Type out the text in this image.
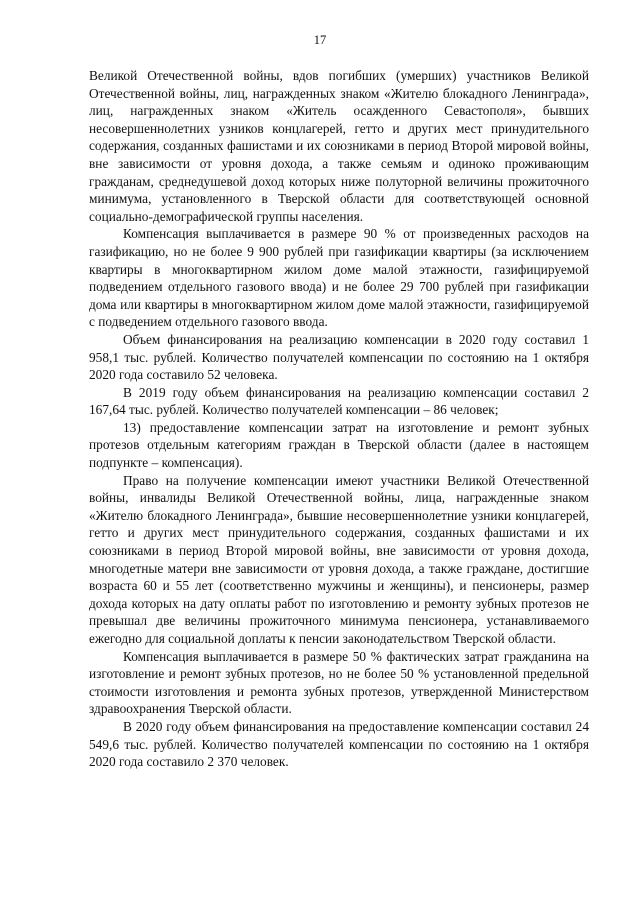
17

Великой Отечественной войны, вдов погибших (умерших) участников Великой Отечественной войны, лиц, награжденных знаком «Жителю блокадного Ленинграда», лиц, награжденных знаком «Житель осажденного Севастополя», бывших несовершеннолетних узников концлагерей, гетто и других мест принудительного содержания, созданных фашистами и их союзниками в период Второй мировой войны, вне зависимости от уровня дохода, а также семьям и одиноко проживающим гражданам, среднедушевой доход которых ниже полуторной величины прожиточного минимума, установленного в Тверской области для соответствующей основной социально-демографической группы населения.

Компенсация выплачивается в размере 90 % от произведенных расходов на газификацию, но не более 9 900 рублей при газификации квартиры (за исключением квартиры в многоквартирном жилом доме малой этажности, газифицируемой подведением отдельного газового ввода) и не более 29 700 рублей при газификации дома или квартиры в многоквартирном жилом доме малой этажности, газифицируемой с подведением отдельного газового ввода.

Объем финансирования на реализацию компенсации в 2020 году составил 1 958,1 тыс. рублей. Количество получателей компенсации по состоянию на 1 октября 2020 года составило 52 человека.

В 2019 году объем финансирования на реализацию компенсации составил 2 167,64 тыс. рублей. Количество получателей компенсации – 86 человек;

13) предоставление компенсации затрат на изготовление и ремонт зубных протезов отдельным категориям граждан в Тверской области (далее в настоящем подпункте – компенсация).

Право на получение компенсации имеют участники Великой Отечественной войны, инвалиды Великой Отечественной войны, лица, награжденные знаком «Жителю блокадного Ленинграда», бывшие несовершеннолетние узники концлагерей, гетто и других мест принудительного содержания, созданных фашистами и их союзниками в период Второй мировой войны, вне зависимости от уровня дохода, многодетные матери вне зависимости от уровня дохода, а также граждане, достигшие возраста 60 и 55 лет (соответственно мужчины и женщины), и пенсионеры, размер дохода которых на дату оплаты работ по изготовлению и ремонту зубных протезов не превышал две величины прожиточного минимума пенсионера, устанавливаемого ежегодно для социальной доплаты к пенсии законодательством Тверской области.

Компенсация выплачивается в размере 50 % фактических затрат гражданина на изготовление и ремонт зубных протезов, но не более 50 % установленной предельной стоимости изготовления и ремонта зубных протезов, утвержденной Министерством здравоохранения Тверской области.

В 2020 году объем финансирования на предоставление компенсации составил 24 549,6 тыс. рублей. Количество получателей компенсации по состоянию на 1 октября 2020 года составило 2 370 человек.
